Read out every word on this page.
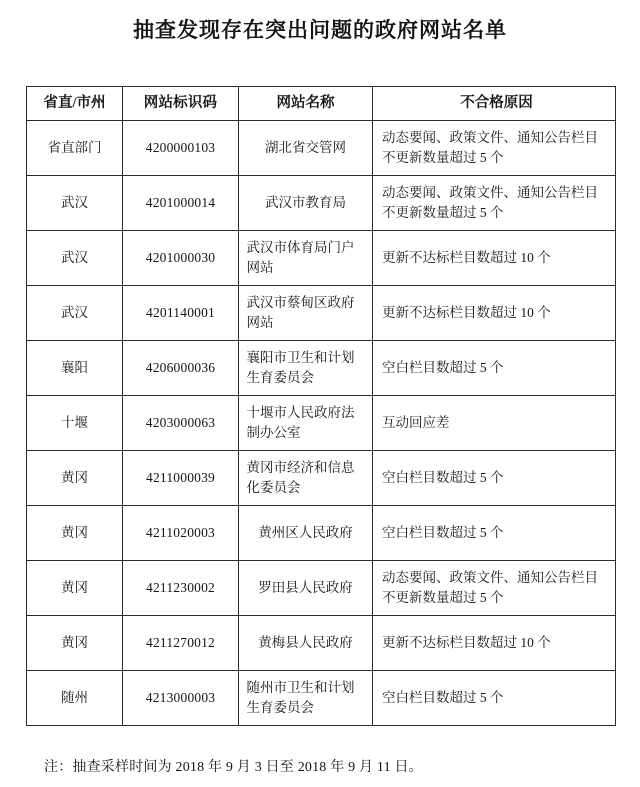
抽查发现存在突出问题的政府网站名单
省直/市州	网站标识码	网站名称	不合格原因
省直部门	4200000103	湖北省交管网	动态要闻、政策文件、通知公告栏目不更新数量超过 5 个

武汉	4201000014	武汉市教育局	动态要闻、政策文件、通知公告栏目不更新数量超过 5 个

武汉	4201000030	武汉市体育局门户网站	更新不达标栏目数超过 10 个

武汉	4201140001	武汉市蔡甸区政府网站	更新不达标栏目数超过 10 个

襄阳	4206000036	襄阳市卫生和计划生育委员会	空白栏目数超过 5 个

十堰	4203000063	十堰市人民政府法制办公室	互动回应差

黄冈	4211000039	黄冈市经济和信息化委员会	空白栏目数超过 5 个

黄冈	4211020003	黄州区人民政府	空白栏目数超过 5 个

黄冈	4211230002	罗田县人民政府	动态要闻、政策文件、通知公告栏目不更新数量超过 5 个

黄冈	4211270012	黄梅县人民政府	更新不达标栏目数超过 10 个

随州	4213000003	随州市卫生和计划生育委员会	空白栏目数超过 5 个
注：抽查采样时间为 2018 年 9 月 3 日至 2018 年 9 月 11 日。
